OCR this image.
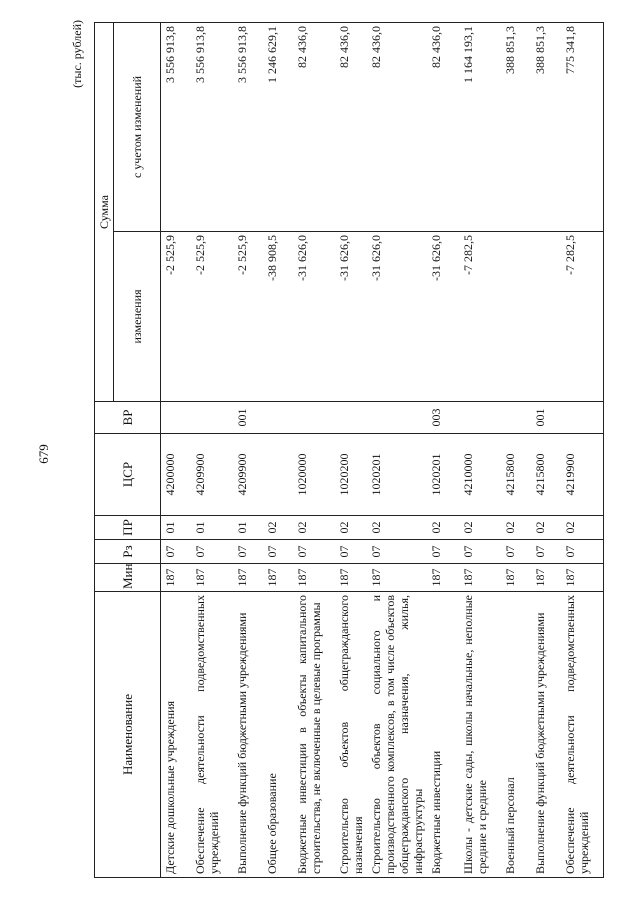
679
(тыс. рублей)
Наименование	Мин	Рз	ПР	ЦСР	ВР	Сумма	
						изменения	с учетом изменений
Детские дошкольные учреждения	187	07	01	4200000		-2 525,9	3 556 913,8
Обеспечение деятельности подведомственных учреждений	187	07	01	4209900		-2 525,9	3 556 913,8
Выполнение функций бюджетными учреждениями	187	07	01	4209900	001	-2 525,9	3 556 913,8
Общее образование	187	07	02			-38 908,5	1 246 629,1
Бюджетные инвестиции в объекты капитального строительства, не включенные в целевые программы	187	07	02	1020000		-31 626,0	82 436,0
Строительство объектов общегражданского назначения	187	07	02	1020200		-31 626,0	82 436,0
Строительство объектов социального и производственного комплексов, в том числе объектов общегражданского назначения, жилья, инфраструктуры	187	07	02	1020201		-31 626,0	82 436,0
Бюджетные инвестиции	187	07	02	1020201	003	-31 626,0	82 436,0
Школы - детские сады, школы начальные, неполные средние и средние	187	07	02	4210000		-7 282,5	1 164 193,1
Военный персонал	187	07	02	4215800			388 851,3
Выполнение функций бюджетными учреждениями	187	07	02	4215800	001		388 851,3
Обеспечение деятельности подведомственных учреждений	187	07	02	4219900		-7 282,5	775 341,8
